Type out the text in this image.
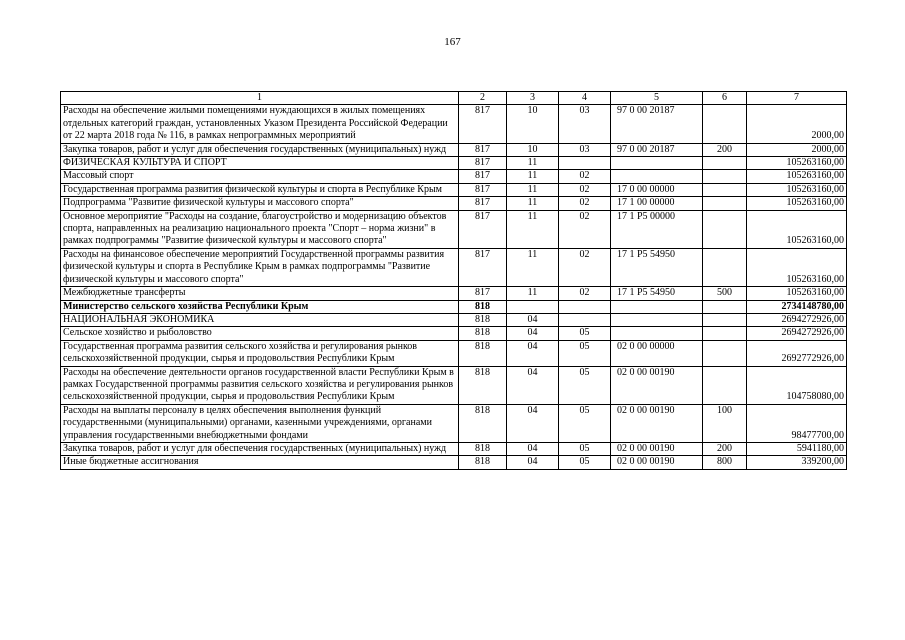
167
1	2	3	4	5	6	7
Расходы на обеспечение жилыми помещениями нуждающихся в жилых помещениях отдельных категорий граждан, установленных Указом Президента Российской Федерации от 22 марта 2018 года № 116, в рамках непрограммных мероприятий	817	10	03	97 0 00 20187		2000,00
Закупка товаров, работ и услуг для обеспечения государственных (муниципальных) нужд	817	10	03	97 0 00 20187	200	2000,00
ФИЗИЧЕСКАЯ КУЛЬТУРА И СПОРТ	817	11				105263160,00
Массовый спорт	817	11	02			105263160,00
Государственная программа развития физической культуры и спорта в Республике Крым	817	11	02	17 0 00 00000		105263160,00
Подпрограмма "Развитие физической культуры и массового спорта"	817	11	02	17 1 00 00000		105263160,00
Основное мероприятие "Расходы на создание, благоустройство и модернизацию объектов спорта, направленных на реализацию национального проекта "Спорт – норма жизни" в рамках подпрограммы "Развитие физической культуры и массового спорта"	817	11	02	17 1 P5 00000		105263160,00
Расходы на финансовое обеспечение мероприятий Государственной программы развития физической культуры и спорта в Республике Крым в рамках подпрограммы "Развитие физической культуры и массового спорта"	817	11	02	17 1 P5 54950		105263160,00
Межбюджетные трансферты	817	11	02	17 1 P5 54950	500	105263160,00
Министерство сельского хозяйства Республики Крым	818					2734148780,00
НАЦИОНАЛЬНАЯ ЭКОНОМИКА	818	04				2694272926,00
Сельское хозяйство и рыболовство	818	04	05			2694272926,00
Государственная программа развития сельского хозяйства и регулирования рынков сельскохозяйственной продукции, сырья и продовольствия Республики Крым	818	04	05	02 0 00 00000		2692772926,00
Расходы на обеспечение деятельности органов государственной власти Республики Крым в рамках Государственной программы развития сельского хозяйства и регулирования рынков сельскохозяйственной продукции, сырья и продовольствия Республики Крым	818	04	05	02 0 00 00190		104758080,00
Расходы на выплаты персоналу в целях обеспечения выполнения функций государственными (муниципальными) органами, казенными учреждениями, органами управления государственными внебюджетными фондами	818	04	05	02 0 00 00190	100	98477700,00
Закупка товаров, работ и услуг для обеспечения государственных (муниципальных) нужд	818	04	05	02 0 00 00190	200	5941180,00
Иные бюджетные ассигнования	818	04	05	02 0 00 00190	800	339200,00
